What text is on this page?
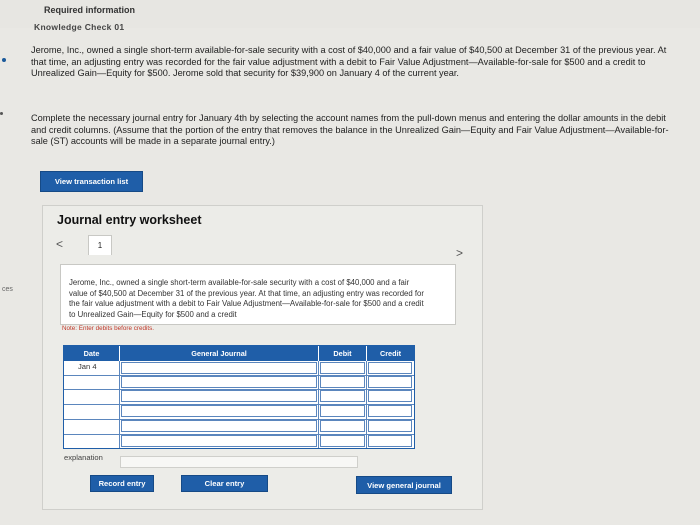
Required information
Knowledge Check 01
ces
Jerome, Inc., owned a single short-term available-for-sale security with a cost of $40,000 and a fair value of $40,500 at December 31 of the previous year. At that time, an adjusting entry was recorded for the fair value adjustment with a debit to Fair Value Adjustment—Available-for-sale for $500 and a credit to Unrealized Gain—Equity for $500. Jerome sold that security for $39,900 on January 4 of the current year.
Complete the necessary journal entry for January 4th by selecting the account names from the pull-down menus and entering the dollar amounts in the debit and credit columns. (Assume that the portion of the entry that removes the balance in the Unrealized Gain—Equity and Fair Value Adjustment—Available-for-sale (ST) accounts will be made in a separate journal entry.)
View transaction list
Journal entry worksheet
<	1
>
Jerome, Inc., owned a single short-term available-for-sale security with a cost of $40,000 and a fair value of $40,500 at December 31 of the previous year. At that time, an adjusting entry was recorded for the fair value adjustment with a debit to Fair Value Adjustment—Available-for-sale for $500 and a credit to Unrealized Gain—Equity for $500 and a credit
Note: Enter debits before credits.
Date	General Journal	Debit	Credit
Jan 4
explanation
Record entry	Clear entry	View general journal
